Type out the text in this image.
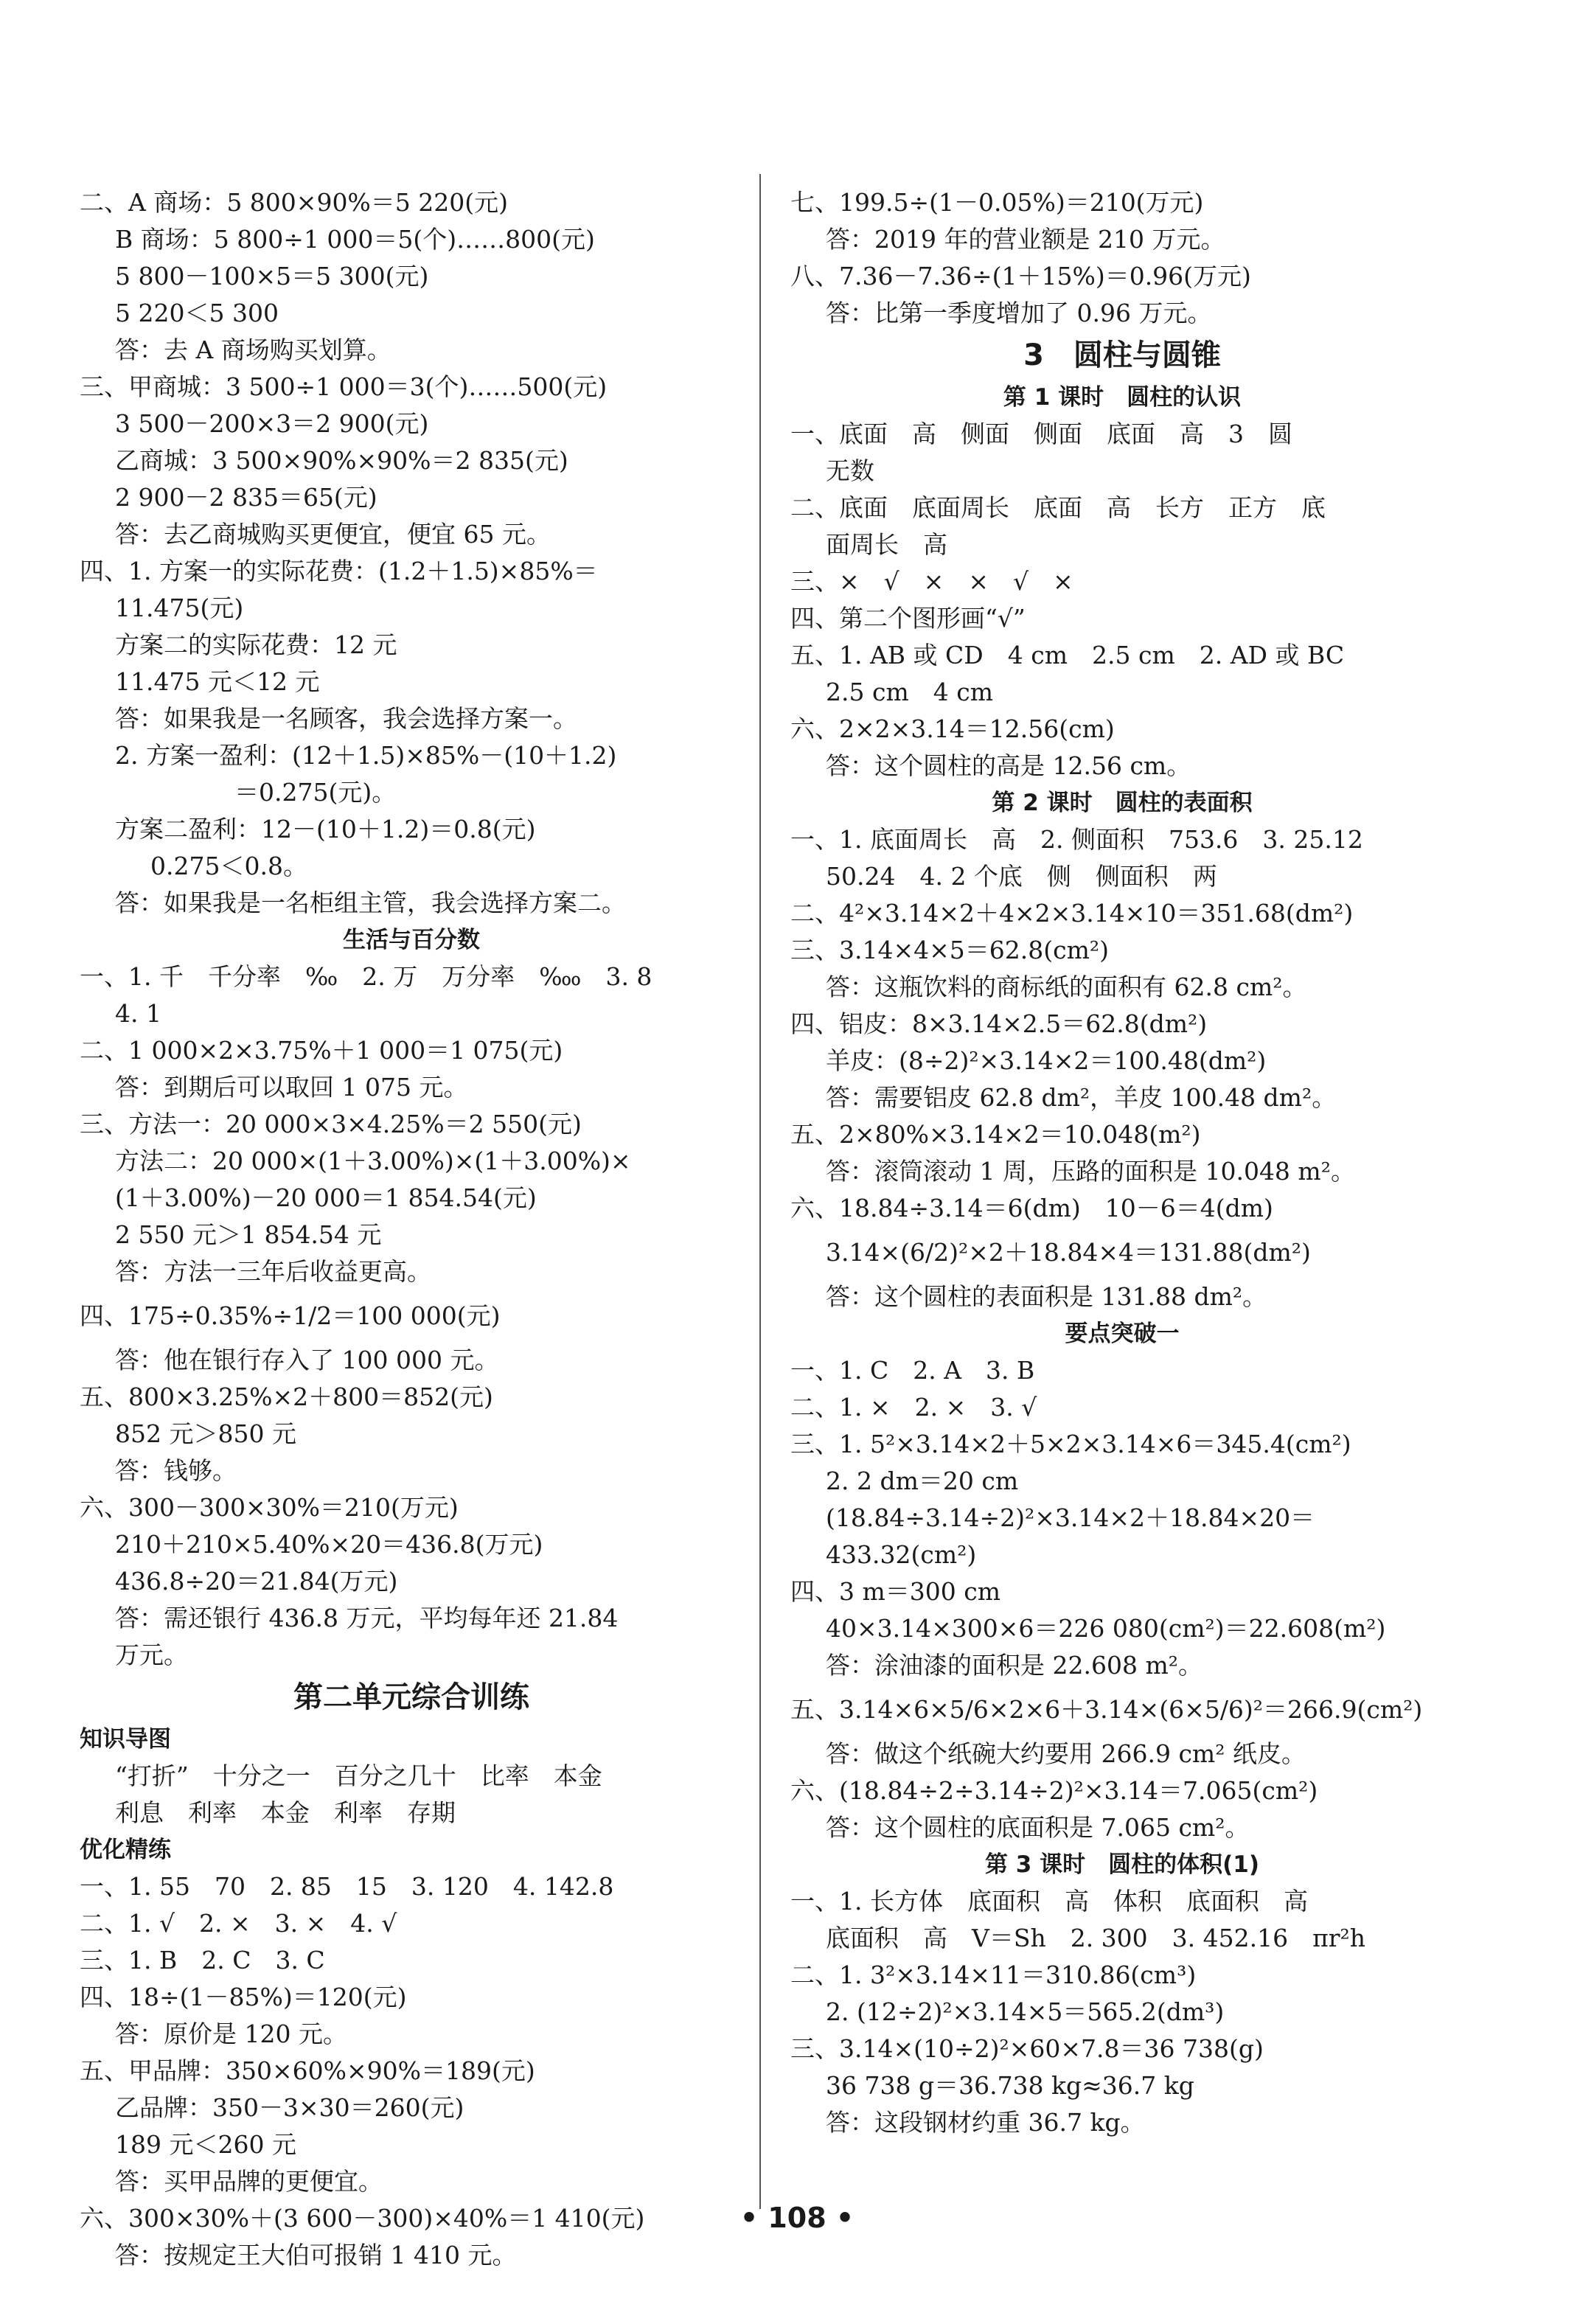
二、A 商场：5 800×90%＝5 220(元)
B 商场：5 800÷1 000＝5(个)……800(元)
5 800－100×5＝5 300(元)
5 220＜5 300
答：去 A 商场购买划算。
三、甲商城：3 500÷1 000＝3(个)……500(元)
3 500－200×3＝2 900(元)
乙商城：3 500×90%×90%＝2 835(元)
2 900－2 835＝65(元)
答：去乙商城购买更便宜，便宜 65 元。
四、1. 方案一的实际花费：(1.2＋1.5)×85%＝
11.475(元)
方案二的实际花费：12 元
11.475 元＜12 元
答：如果我是一名顾客，我会选择方案一。
2. 方案一盈利：(12＋1.5)×85%－(10＋1.2)
＝0.275(元)。
方案二盈利：12－(10＋1.2)＝0.8(元)
0.275＜0.8。
答：如果我是一名柜组主管，我会选择方案二。
生活与百分数
一、1. 千　千分率　‰　2. 万　万分率　‱　3. 8
4. 1
二、1 000×2×3.75%＋1 000＝1 075(元)
答：到期后可以取回 1 075 元。
三、方法一：20 000×3×4.25%＝2 550(元)
方法二：20 000×(1＋3.00%)×(1＋3.00%)×
(1＋3.00%)－20 000＝1 854.54(元)
2 550 元＞1 854.54 元
答：方法一三年后收益更高。
四、175÷0.35%÷1/2＝100 000(元)
答：他在银行存入了 100 000 元。
五、800×3.25%×2＋800＝852(元)
852 元＞850 元
答：钱够。
六、300－300×30%＝210(万元)
210＋210×5.40%×20＝436.8(万元)
436.8÷20＝21.84(万元)
答：需还银行 436.8 万元，平均每年还 21.84
万元。
第二单元综合训练
知识导图
“打折”　十分之一　百分之几十　比率　本金
利息　利率　本金　利率　存期
优化精练
一、1. 55　70　2. 85　15　3. 120　4. 142.8
二、1. √　2. ×　3. ×　4. √
三、1. B　2. C　3. C
四、18÷(1－85%)＝120(元)
答：原价是 120 元。
五、甲品牌：350×60%×90%＝189(元)
乙品牌：350－3×30＝260(元)
189 元＜260 元
答：买甲品牌的更便宜。
六、300×30%＋(3 600－300)×40%＝1 410(元)
答：按规定王大伯可报销 1 410 元。
七、199.5÷(1－0.05%)＝210(万元)
答：2019 年的营业额是 210 万元。
八、7.36－7.36÷(1＋15%)＝0.96(万元)
答：比第一季度增加了 0.96 万元。
3　圆柱与圆锥
第 1 课时　圆柱的认识
一、底面　高　侧面　侧面　底面　高　3　圆
无数
二、底面　底面周长　底面　高　长方　正方　底
面周长　高
三、×　√　×　×　√　×
四、第二个图形画“√”
五、1. AB 或 CD　4 cm　2.5 cm　2. AD 或 BC
2.5 cm　4 cm
六、2×2×3.14＝12.56(cm)
答：这个圆柱的高是 12.56 cm。
第 2 课时　圆柱的表面积
一、1. 底面周长　高　2. 侧面积　753.6　3. 25.12
50.24　4. 2 个底　侧　侧面积　两
二、4²×3.14×2＋4×2×3.14×10＝351.68(dm²)
三、3.14×4×5＝62.8(cm²)
答：这瓶饮料的商标纸的面积有 62.8 cm²。
四、铝皮：8×3.14×2.5＝62.8(dm²)
羊皮：(8÷2)²×3.14×2＝100.48(dm²)
答：需要铝皮 62.8 dm²，羊皮 100.48 dm²。
五、2×80%×3.14×2＝10.048(m²)
答：滚筒滚动 1 周，压路的面积是 10.048 m²。
六、18.84÷3.14＝6(dm)　10－6＝4(dm)
3.14×(6/2)²×2＋18.84×4＝131.88(dm²)
答：这个圆柱的表面积是 131.88 dm²。
要点突破一
一、1. C　2. A　3. B
二、1. ×　2. ×　3. √
三、1. 5²×3.14×2＋5×2×3.14×6＝345.4(cm²)
2. 2 dm＝20 cm
(18.84÷3.14÷2)²×3.14×2＋18.84×20＝
433.32(cm²)
四、3 m＝300 cm
40×3.14×300×6＝226 080(cm²)＝22.608(m²)
答：涂油漆的面积是 22.608 m²。
五、3.14×6×5/6×2×6＋3.14×(6×5/6)²＝266.9(cm²)
答：做这个纸碗大约要用 266.9 cm² 纸皮。
六、(18.84÷2÷3.14÷2)²×3.14＝7.065(cm²)
答：这个圆柱的底面积是 7.065 cm²。
第 3 课时　圆柱的体积(1)
一、1. 长方体　底面积　高　体积　底面积　高
底面积　高　V＝Sh　2. 300　3. 452.16　πr²h
二、1. 3²×3.14×11＝310.86(cm³)
2. (12÷2)²×3.14×5＝565.2(dm³)
三、3.14×(10÷2)²×60×7.8＝36 738(g)
36 738 g＝36.738 kg≈36.7 kg
答：这段钢材约重 36.7 kg。
• 108 •
